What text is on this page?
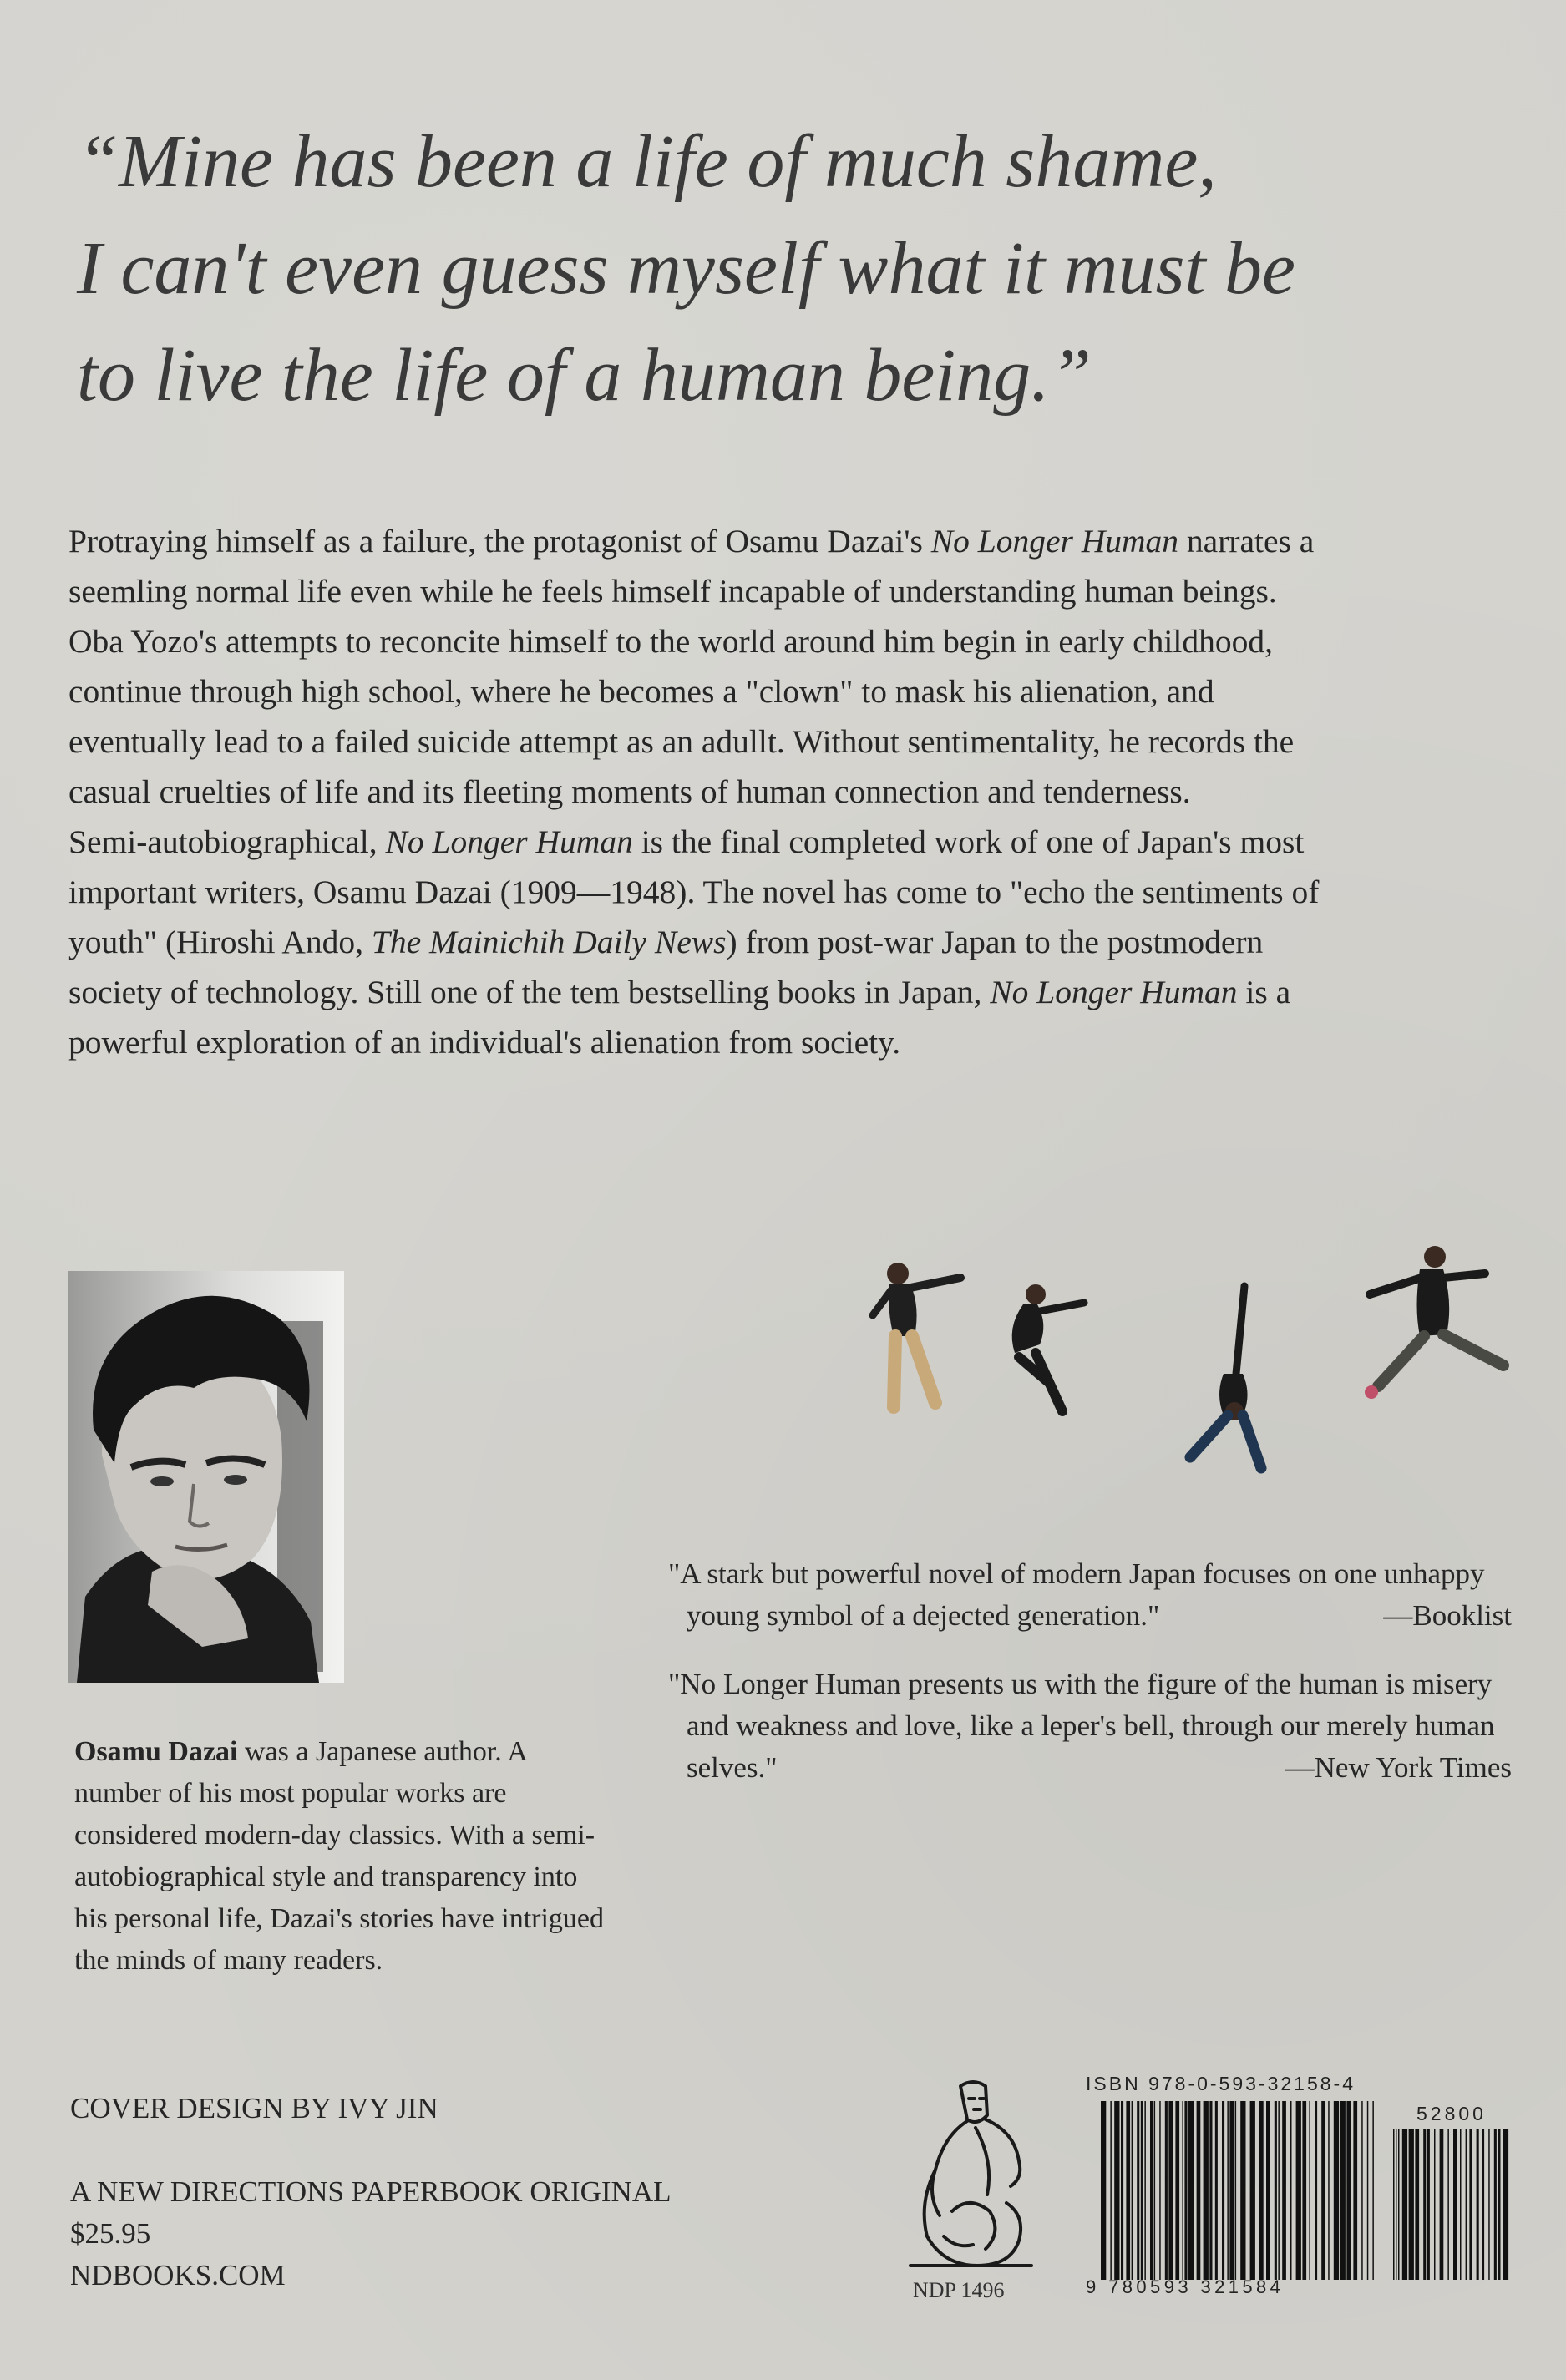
“Mine has been a life of much shame,
I can't even guess myself what it must be
to live the life of a human being.”

Protraying himself as a failure, the protagonist of Osamu Dazai's No Longer Human narrates a seemling normal life even while he feels himself incapable of understanding human beings. Oba Yozo's attempts to reconcite himself to the world around him begin in early childhood, continue through high school, where he becomes a "clown" to mask his alienation, and eventually lead to a failed suicide attempt as an adullt. Without sentimentality, he records the casual cruelties of life and its fleeting moments of human connection and tenderness.

Semi-autobiographical, No Longer Human is the final completed work of one of Japan's most important writers, Osamu Dazai (1909—1948). The novel has come to "echo the sentiments of youth" (Hiroshi Ando, The Mainichih Daily News) from post-war Japan to the postmodern society of technology. Still one of the tem bestselling books in Japan, No Longer Human is a powerful exploration of an individual's alienation from society.

Osamu Dazai was a Japanese author. A number of his most popular works are considered modern-day classics. With a semi-autobiographical style and transparency into his personal life, Dazai's stories have intrigued the minds of many readers.

"A stark but powerful novel of modern Japan focuses on one unhappy young symbol of a dejected generation."	—Booklist

"No Longer Human presents us with the figure of the human is misery and weakness and love, like a leper's bell, through our merely human selves."	—New York Times

COVER DESIGN BY IVY JIN
A NEW DIRECTIONS PAPERBOOK ORIGINAL
$25.95
NDBOOKS.COM	NDP 1496
ISBN 978-0-593-32158-4
9 780593 321584
52800
